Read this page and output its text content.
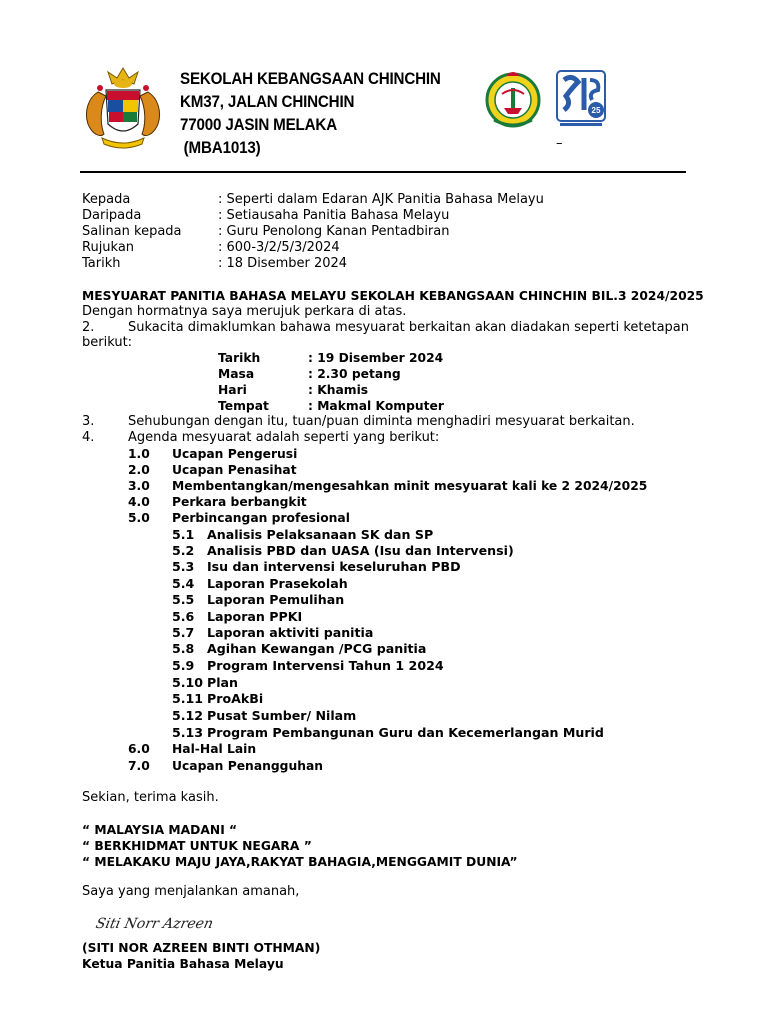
SEKOLAH KEBANGSAAN CHINCHIN
KM37, JALAN CHINCHIN
77000 JASIN MELAKA
(MBA1013)
25
–
Kepada	: Seperti dalam Edaran AJK Panitia Bahasa Melayu
Daripada	: Setiausaha Panitia Bahasa Melayu
Salinan kepada	: Guru Penolong Kanan Pentadbiran
Rujukan	: 600-3/2/5/3/2024
Tarikh	: 18 Disember 2024
MESYUARAT PANITIA BAHASA MELAYU SEKOLAH KEBANGSAAN CHINCHIN BIL.3 2024/2025
Dengan hormatnya saya merujuk perkara di atas.
2.	Sukacita dimaklumkan bahawa mesyuarat berkaitan akan diadakan seperti ketetapan
berikut:
Tarikh	: 19 Disember 2024
Masa	: 2.30 petang
Hari	: Khamis
Tempat	: Makmal Komputer
3.	Sehubungan dengan itu, tuan/puan diminta menghadiri mesyuarat berkaitan.
4.	Agenda mesyuarat adalah seperti yang berikut:
1.0 Ucapan Pengerusi
2.0 Ucapan Penasihat
3.0 Membentangkan/mengesahkan minit mesyuarat kali ke 2 2024/2025
4.0 Perkara berbangkit
5.0 Perbincangan profesional
5.1 Analisis Pelaksanaan SK dan SP
5.2 Analisis PBD dan UASA (Isu dan Intervensi)
5.3 Isu dan intervensi keseluruhan PBD
5.4 Laporan Prasekolah
5.5 Laporan Pemulihan
5.6 Laporan PPKI
5.7 Laporan aktiviti panitia
5.8 Agihan Kewangan /PCG panitia
5.9 Program Intervensi Tahun 1 2024
5.10 Plan
5.11 ProAkBi
5.12 Pusat Sumber/ Nilam
5.13 Program Pembangunan Guru dan Kecemerlangan Murid
6.0 Hal-Hal Lain
7.0 Ucapan Penangguhan
Sekian, terima kasih.
“ MALAYSIA MADANI “
“ BERKHIDMAT UNTUK NEGARA ”
“ MELAKAKU MAJU JAYA,RAKYAT BAHAGIA,MENGGAMIT DUNIA”
Saya yang menjalankan amanah,
Siti Norr Azreen
(SITI NOR AZREEN BINTI OTHMAN)
Ketua Panitia Bahasa Melayu
